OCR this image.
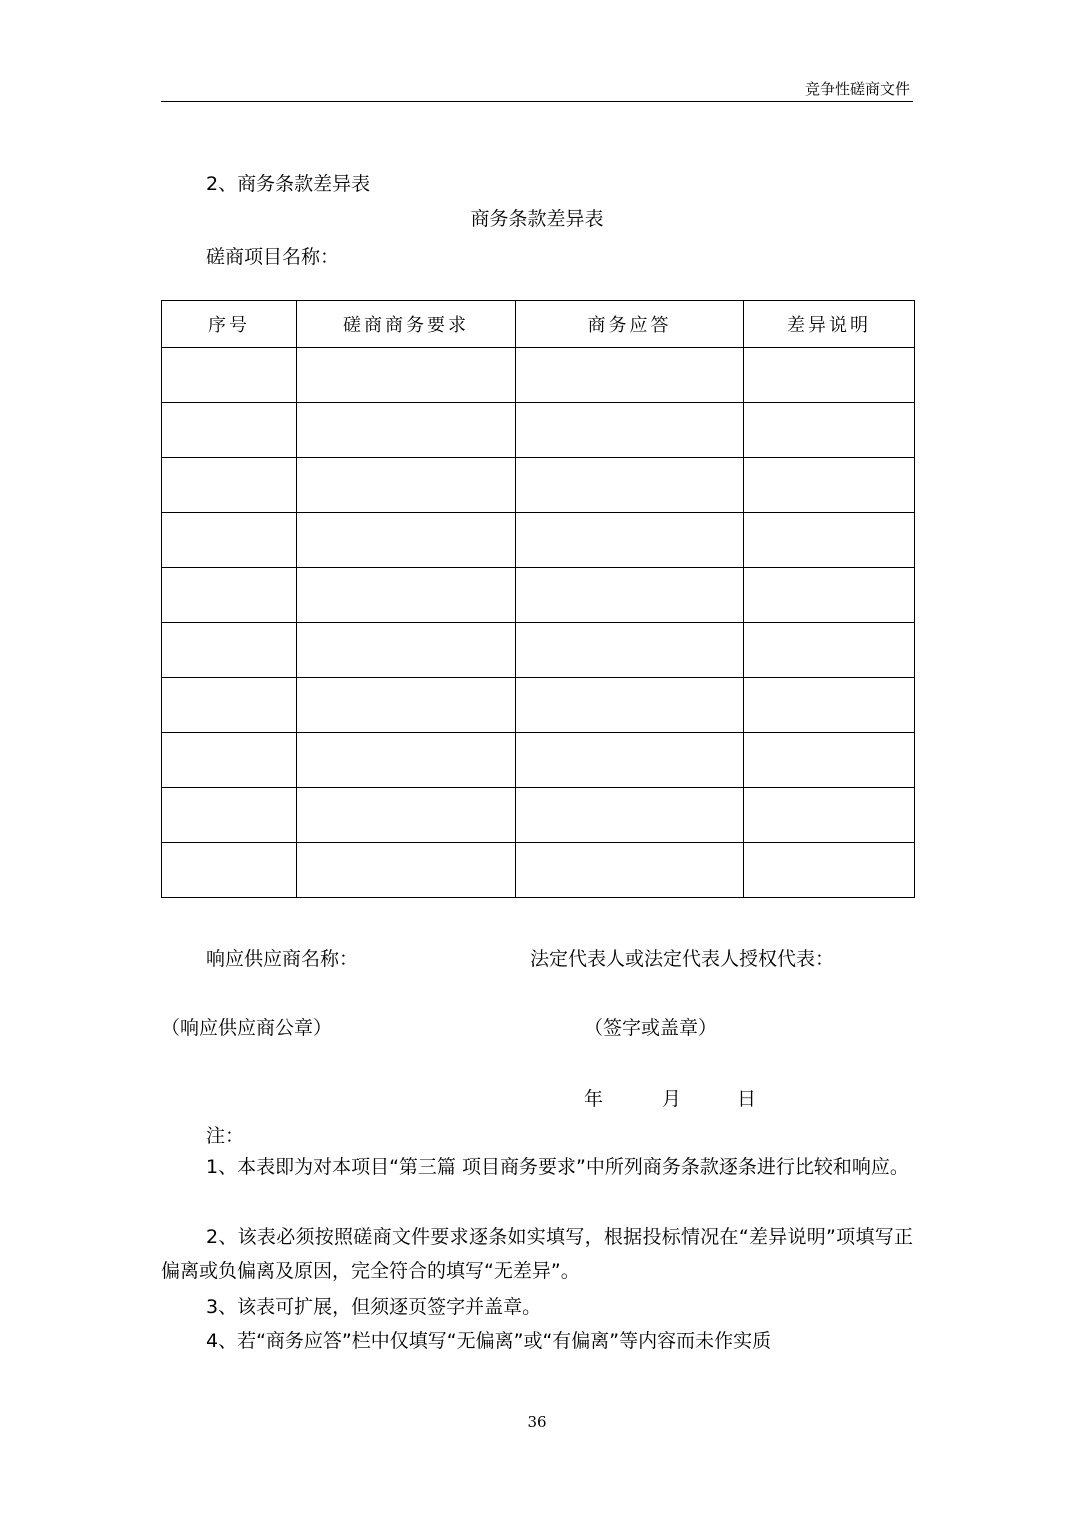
竞争性磋商文件
2、商务条款差异表
商务条款差异表
磋商项目名称：
序号	磋商商务要求	商务应答	差异说明

响应供应商名称：	法定代表人或法定代表人授权代表：
（响应供应商公章）	（签字或盖章）
年	月	日
注：
1、本表即为对本项目“第三篇 项目商务要求”中所列商务条款逐条进行比较和响应。
2、该表必须按照磋商文件要求逐条如实填写，根据投标情况在“差异说明”项填写正偏离或负偏离及原因，完全符合的填写“无差异”。
3、该表可扩展，但须逐页签字并盖章。
4、若“商务应答”栏中仅填写“无偏离”或“有偏离”等内容而未作实质
36
